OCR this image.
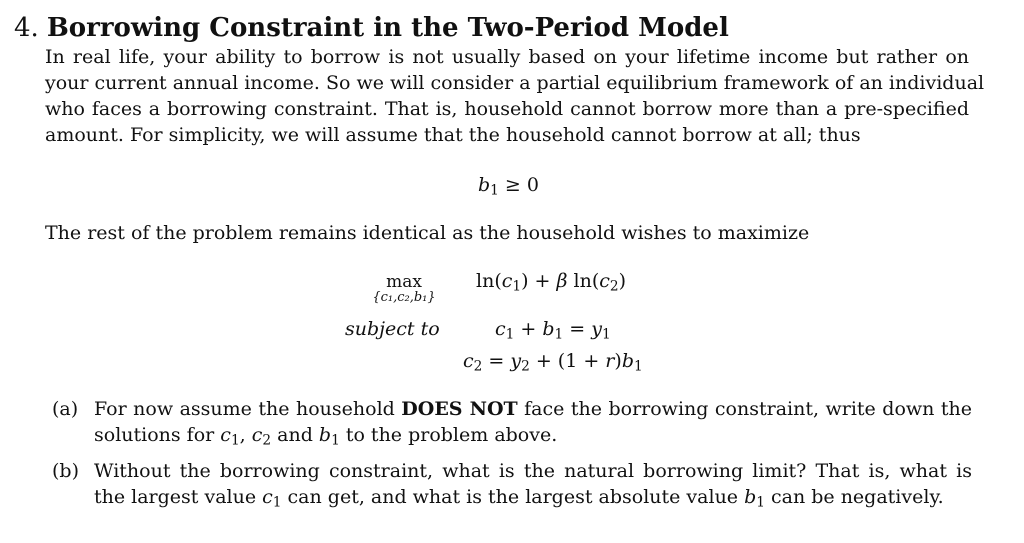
4. Borrowing Constraint in the Two-Period Model
In real life, your ability to borrow is not usually based on your lifetime income but rather on
your current annual income. So we will consider a partial equilibrium framework of an individual
who faces a borrowing constraint. That is, household cannot borrow more than a pre-specified
amount. For simplicity, we will assume that the household cannot borrow at all; thus
$b_1 \ge 0$
The rest of the problem remains identical as the household wishes to maximize
max
{c₁,c₂,b₁}
$\ln(c_1) + \beta$ $\ln(c_2)$
subject to	$c_1 + b_1 = y_1$
$c_2 = y_2 + (1 + r)b_1$
(a) For now assume the household DOES NOT face the borrowing constraint, write down the
solutions for $c_1$, $c_2$ and $b_1$ to the problem above.
(b) Without the borrowing constraint, what is the natural borrowing limit? That is, what is
the largest value $c_1$ can get, and what is the largest absolute value $b_1$ can be negatively.
